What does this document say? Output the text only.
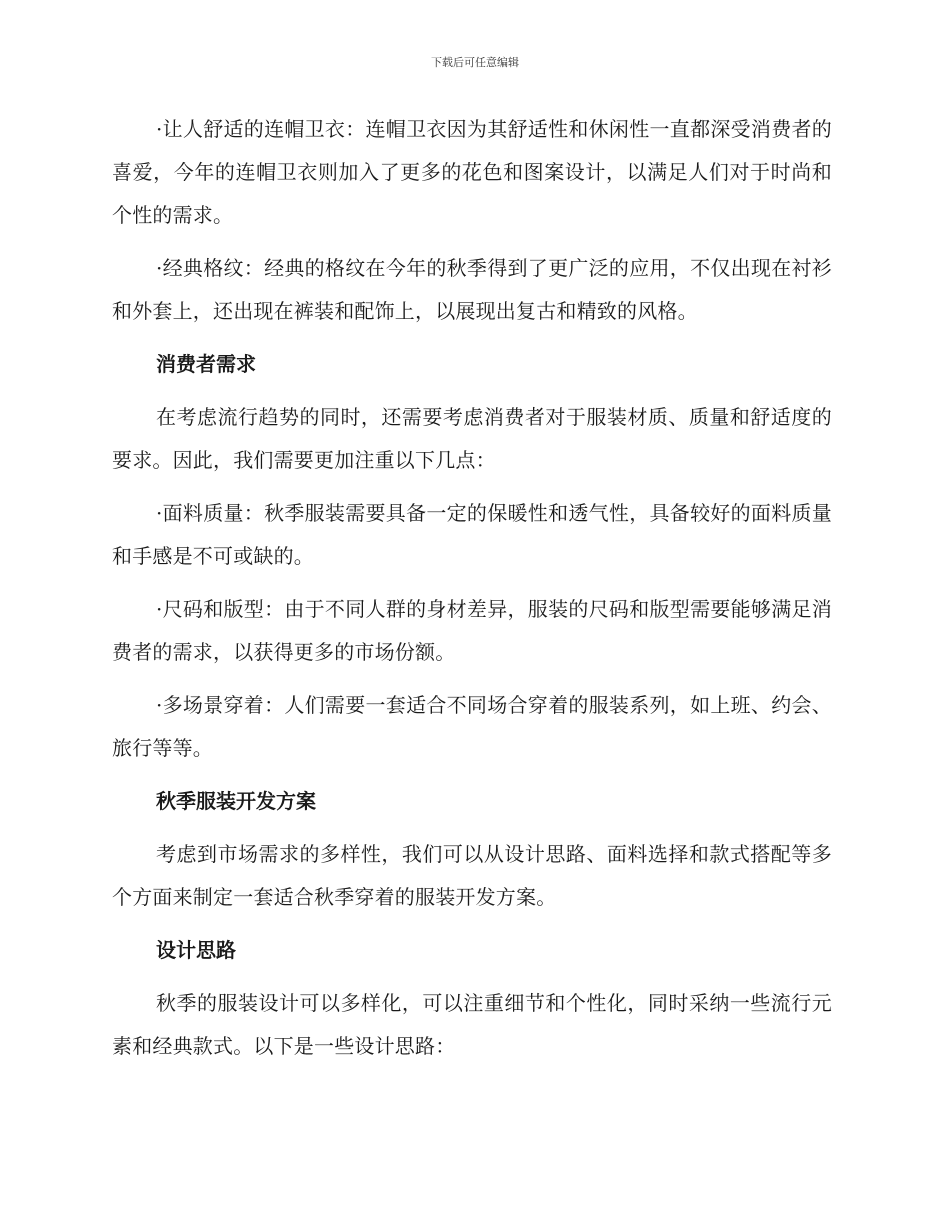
下载后可任意编辑

·让人舒适的连帽卫衣：连帽卫衣因为其舒适性和休闲性一直都深受消费者的喜爱，今年的连帽卫衣则加入了更多的花色和图案设计，以满足人们对于时尚和个性的需求。

·经典格纹：经典的格纹在今年的秋季得到了更广泛的应用，不仅出现在衬衫和外套上，还出现在裤装和配饰上，以展现出复古和精致的风格。

消费者需求

在考虑流行趋势的同时，还需要考虑消费者对于服装材质、质量和舒适度的要求。因此，我们需要更加注重以下几点：

·面料质量：秋季服装需要具备一定的保暖性和透气性，具备较好的面料质量和手感是不可或缺的。

·尺码和版型：由于不同人群的身材差异，服装的尺码和版型需要能够满足消费者的需求，以获得更多的市场份额。

·多场景穿着：人们需要一套适合不同场合穿着的服装系列，如上班、约会、旅行等等。

秋季服装开发方案

考虑到市场需求的多样性，我们可以从设计思路、面料选择和款式搭配等多个方面来制定一套适合秋季穿着的服装开发方案。

设计思路

秋季的服装设计可以多样化，可以注重细节和个性化，同时采纳一些流行元素和经典款式。以下是一些设计思路：
